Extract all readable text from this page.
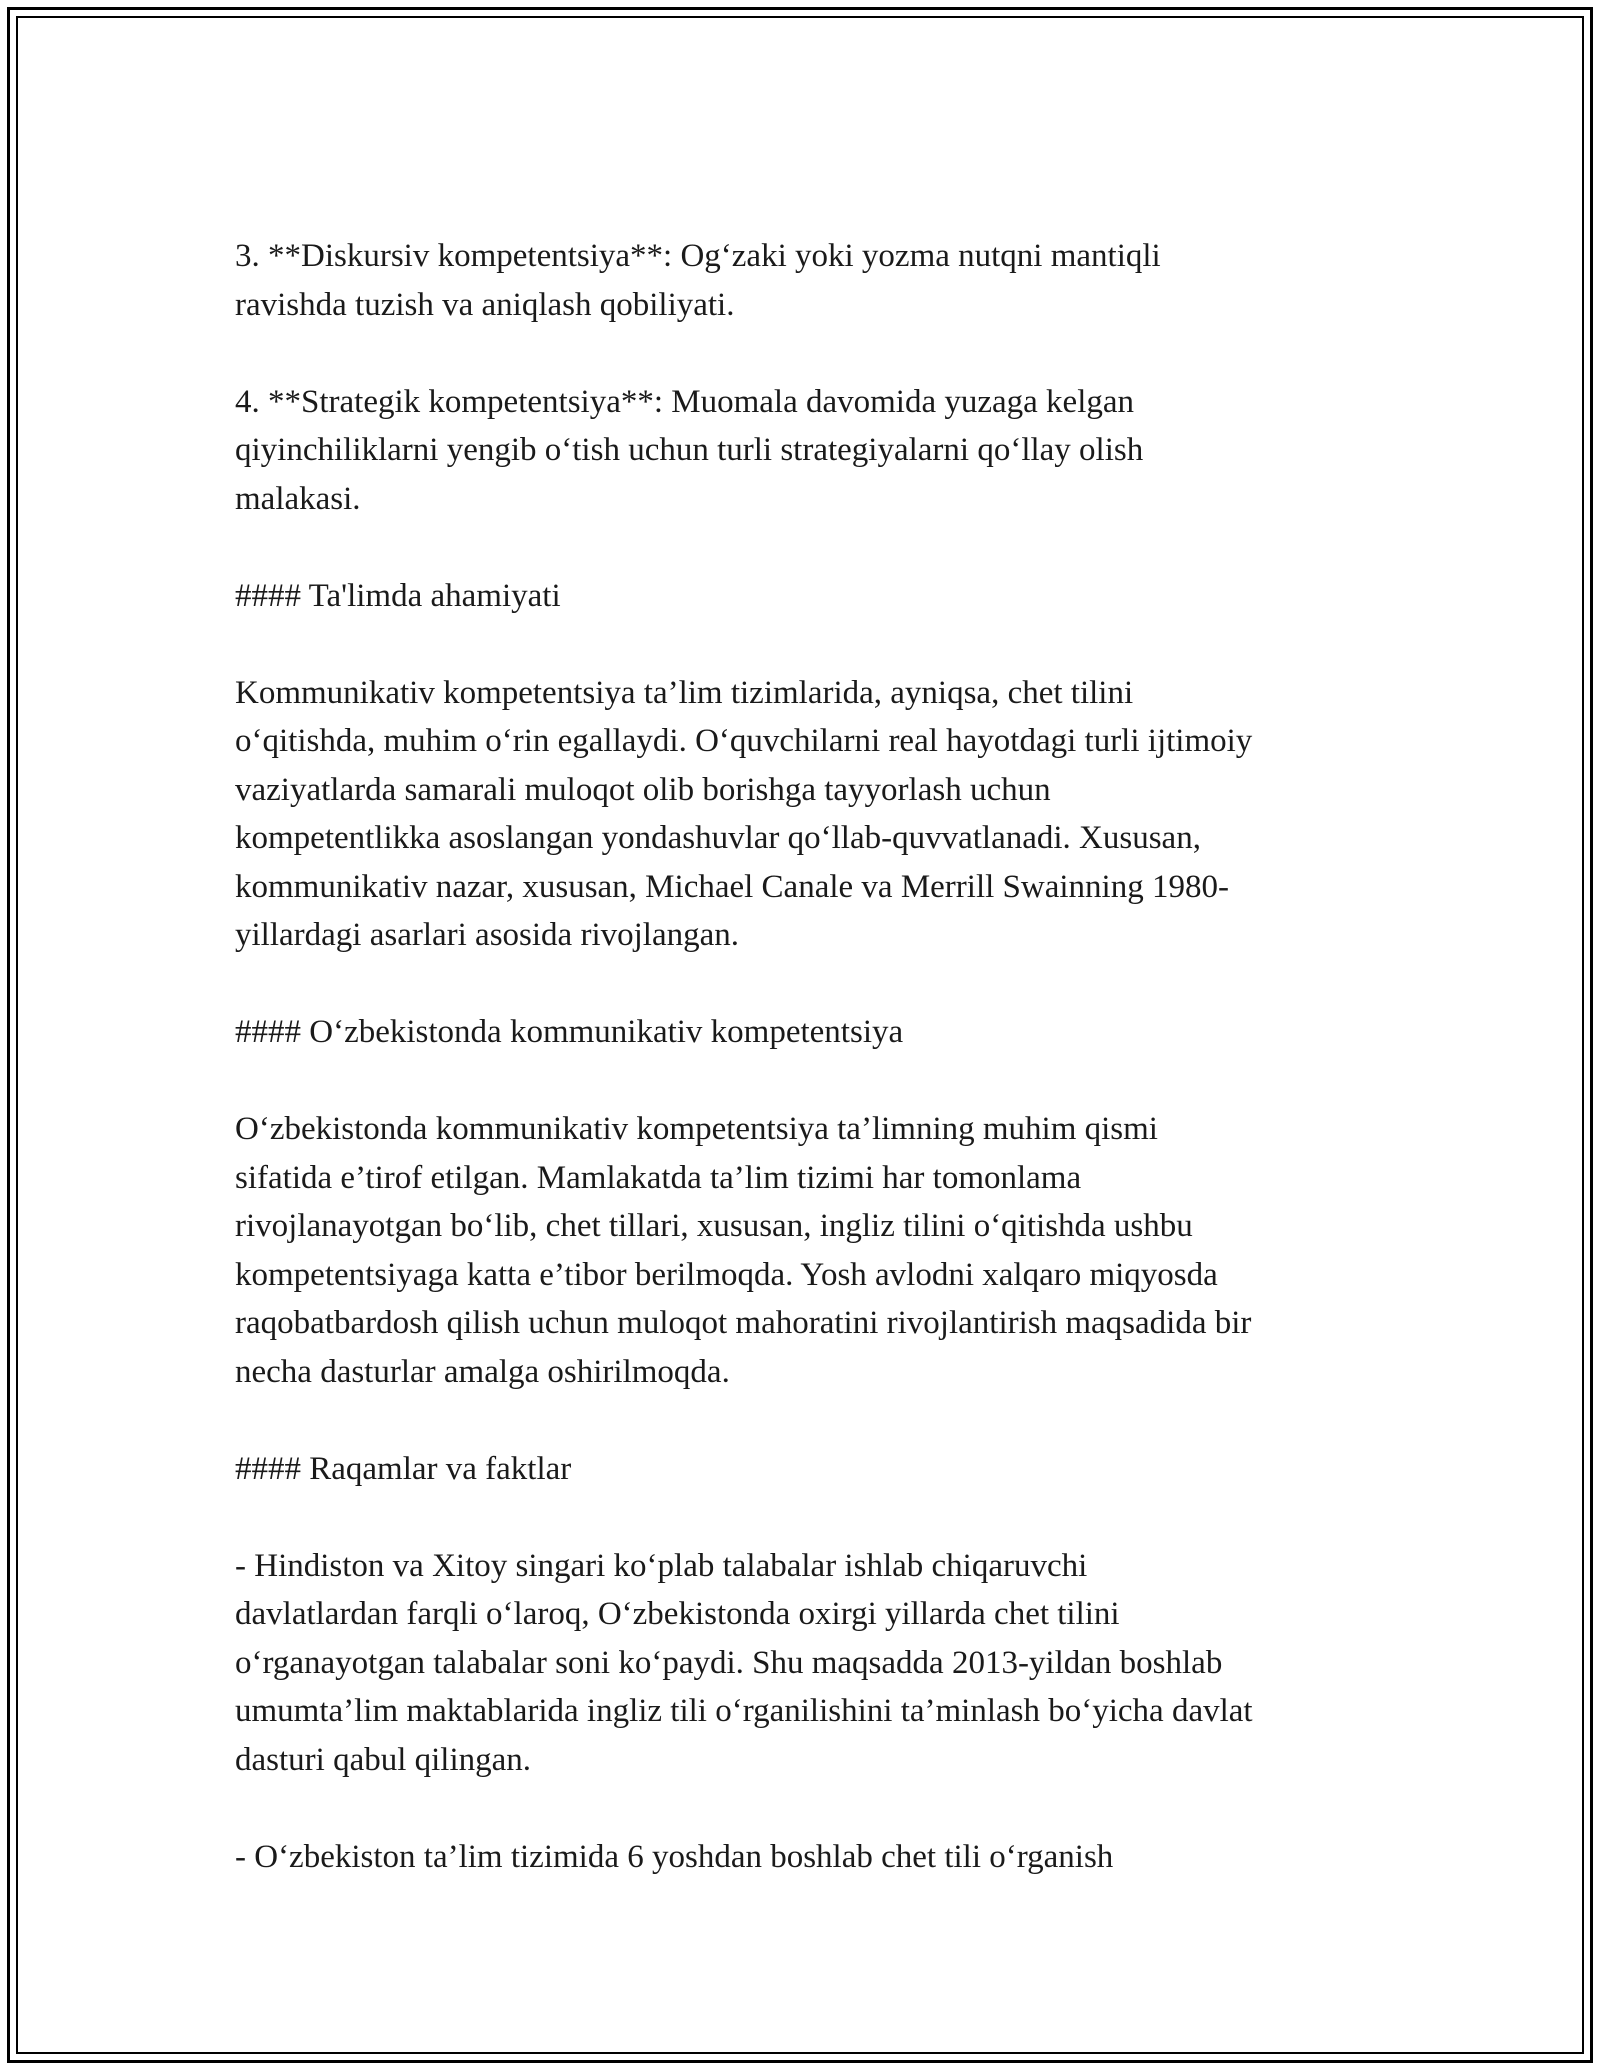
3. **Diskursiv kompetentsiya**: Og‘zaki yoki yozma nutqni mantiqli
ravishda tuzish va aniqlash qobiliyati.
4. **Strategik kompetentsiya**: Muomala davomida yuzaga kelgan
qiyinchiliklarni yengib o‘tish uchun turli strategiyalarni qo‘llay olish
malakasi.
#### Ta'limda ahamiyati
Kommunikativ kompetentsiya ta’lim tizimlarida, ayniqsa, chet tilini
o‘qitishda, muhim o‘rin egallaydi. O‘quvchilarni real hayotdagi turli ijtimoiy
vaziyatlarda samarali muloqot olib borishga tayyorlash uchun
kompetentlikka asoslangan yondashuvlar qo‘llab-quvvatlanadi. Xususan,
kommunikativ nazar, xususan, Michael Canale va Merrill Swainning 1980-
yillardagi asarlari asosida rivojlangan.
#### O‘zbekistonda kommunikativ kompetentsiya
O‘zbekistonda kommunikativ kompetentsiya ta’limning muhim qismi
sifatida e’tirof etilgan. Mamlakatda ta’lim tizimi har tomonlama
rivojlanayotgan bo‘lib, chet tillari, xususan, ingliz tilini o‘qitishda ushbu
kompetentsiyaga katta e’tibor berilmoqda. Yosh avlodni xalqaro miqyosda
raqobatbardosh qilish uchun muloqot mahoratini rivojlantirish maqsadida bir
necha dasturlar amalga oshirilmoqda.
#### Raqamlar va faktlar
- Hindiston va Xitoy singari ko‘plab talabalar ishlab chiqaruvchi
davlatlardan farqli o‘laroq, O‘zbekistonda oxirgi yillarda chet tilini
o‘rganayotgan talabalar soni ko‘paydi. Shu maqsadda 2013-yildan boshlab
umumta’lim maktablarida ingliz tili o‘rganilishini ta’minlash bo‘yicha davlat
dasturi qabul qilingan.
- O‘zbekiston ta’lim tizimida 6 yoshdan boshlab chet tili o‘rganish
